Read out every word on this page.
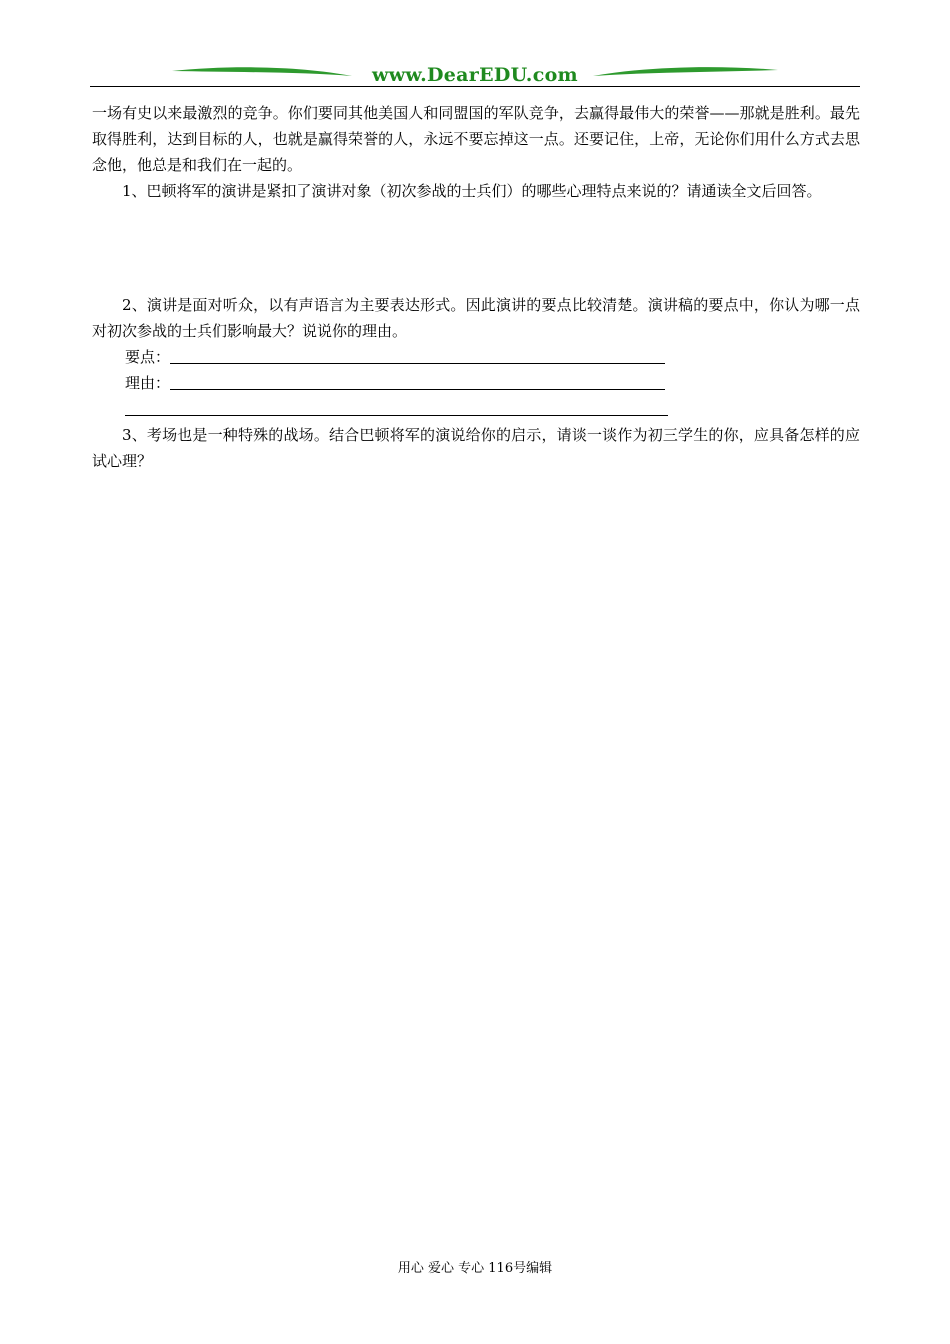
www.DearEDU.com

一场有史以来最激烈的竞争。你们要同其他美国人和同盟国的军队竞争，去赢得最伟大的荣誉——那就是胜利。最先取得胜利，达到目标的人，也就是赢得荣誉的人，永远不要忘掉这一点。还要记住，上帝，无论你们用什么方式去思念他，他总是和我们在一起的。

1、巴顿将军的演讲是紧扣了演讲对象（初次参战的士兵们）的哪些心理特点来说的？请通读全文后回答。

2、演讲是面对听众，以有声语言为主要表达形式。因此演讲的要点比较清楚。演讲稿的要点中，你认为哪一点对初次参战的士兵们影响最大？说说你的理由。

要点：
理由：

3、考场也是一种特殊的战场。结合巴顿将军的演说给你的启示，请谈一谈作为初三学生的你，应具备怎样的应试心理？

用心 爱心 专心 116号编辑
